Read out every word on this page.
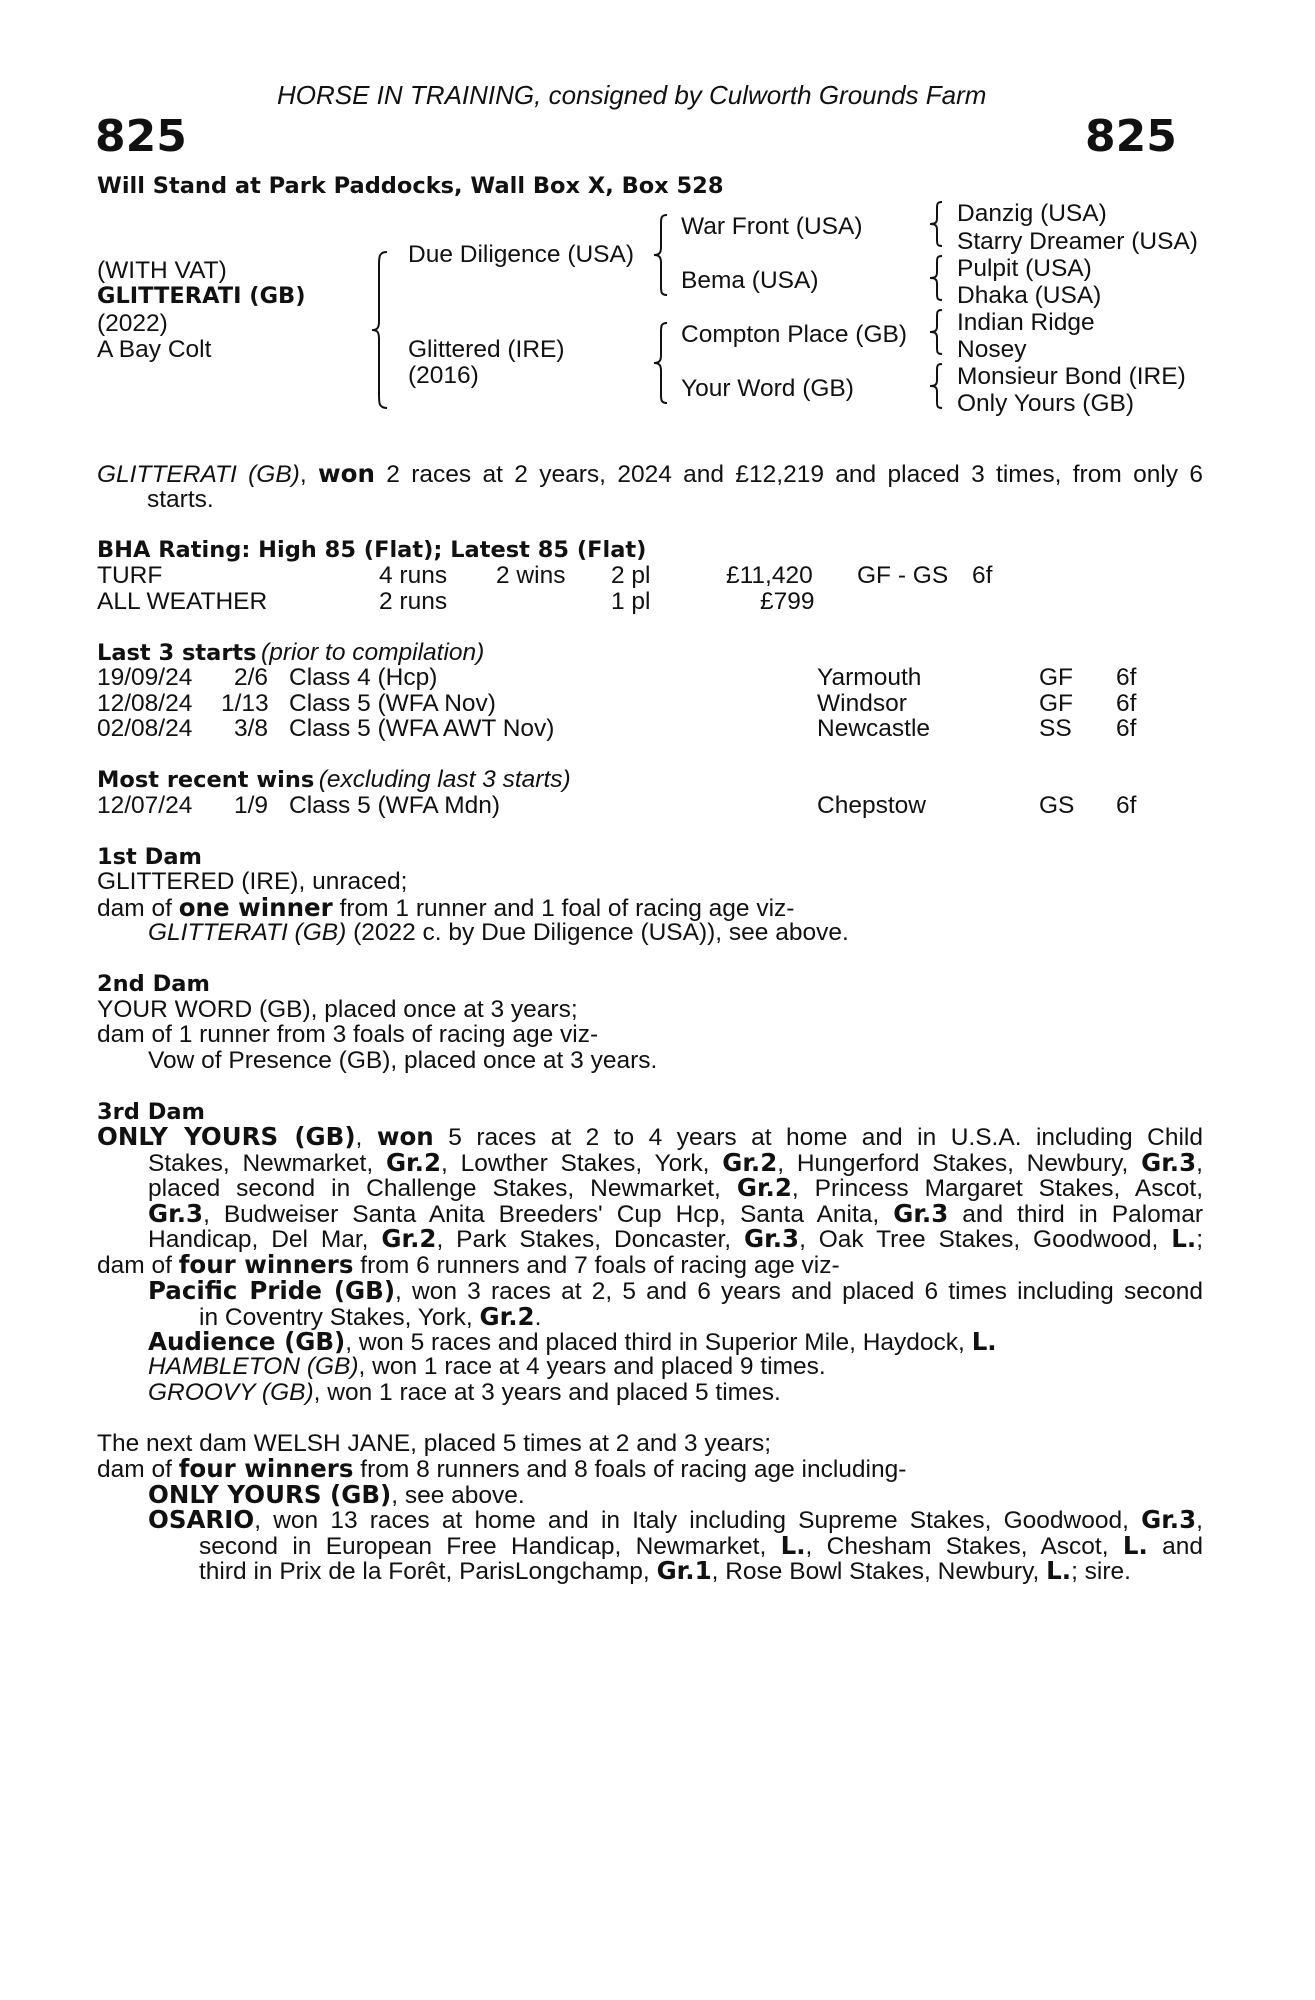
HORSE IN TRAINING, consigned by Culworth Grounds Farm
825	825
Will Stand at Park Paddocks, Wall Box X, Box 528
(WITH VAT)
GLITTERATI (GB)
(2022)
A Bay Colt
Due Diligence (USA)
Glittered (IRE)
(2016)
War Front (USA)
Bema (USA)
Compton Place (GB)
Your Word (GB)
Danzig (USA)
Starry Dreamer (USA)
Pulpit (USA)
Dhaka (USA)
Indian Ridge
Nosey
Monsieur Bond (IRE)
Only Yours (GB)
GLITTERATI (GB), won 2 races at 2 years, 2024 and £12,219 and placed 3 times, from only 6
starts.
BHA Rating: High 85 (Flat); Latest 85 (Flat)
TURF	4 runs 2 wins 2 pl	£11,420 GF - GS 6f
ALL WEATHER	2 runs	1 pl	£799
Last 3 starts (prior to compilation)
19/09/24 2/6 Class 4 (Hcp)	Yarmouth	GF 6f
12/08/24 1/13 Class 5 (WFA Nov)	Windsor	GF 6f
02/08/24 3/8 Class 5 (WFA AWT Nov)	Newcastle	SS 6f
Most recent wins (excluding last 3 starts)
12/07/24 1/9 Class 5 (WFA Mdn)	Chepstow	GS 6f
1st Dam
GLITTERED (IRE), unraced;
dam of one winner from 1 runner and 1 foal of racing age viz-
GLITTERATI (GB) (2022 c. by Due Diligence (USA)), see above.
2nd Dam
YOUR WORD (GB), placed once at 3 years;
dam of 1 runner from 3 foals of racing age viz-
Vow of Presence (GB), placed once at 3 years.
3rd Dam
ONLY YOURS (GB), won 5 races at 2 to 4 years at home and in U.S.A. including Child
Stakes, Newmarket, Gr.2, Lowther Stakes, York, Gr.2, Hungerford Stakes, Newbury, Gr.3,
placed second in Challenge Stakes, Newmarket, Gr.2, Princess Margaret Stakes, Ascot,
Gr.3, Budweiser Santa Anita Breeders' Cup Hcp, Santa Anita, Gr.3 and third in Palomar
Handicap, Del Mar, Gr.2, Park Stakes, Doncaster, Gr.3, Oak Tree Stakes, Goodwood, L.;
dam of four winners from 6 runners and 7 foals of racing age viz-
Pacific Pride (GB), won 3 races at 2, 5 and 6 years and placed 6 times including second
in Coventry Stakes, York, Gr.2.
Audience (GB), won 5 races and placed third in Superior Mile, Haydock, L.
HAMBLETON (GB), won 1 race at 4 years and placed 9 times.
GROOVY (GB), won 1 race at 3 years and placed 5 times.
The next dam WELSH JANE, placed 5 times at 2 and 3 years;
dam of four winners from 8 runners and 8 foals of racing age including-
ONLY YOURS (GB), see above.
OSARIO, won 13 races at home and in Italy including Supreme Stakes, Goodwood, Gr.3,
second in European Free Handicap, Newmarket, L., Chesham Stakes, Ascot, L. and
third in Prix de la Forêt, ParisLongchamp, Gr.1, Rose Bowl Stakes, Newbury, L.; sire.
